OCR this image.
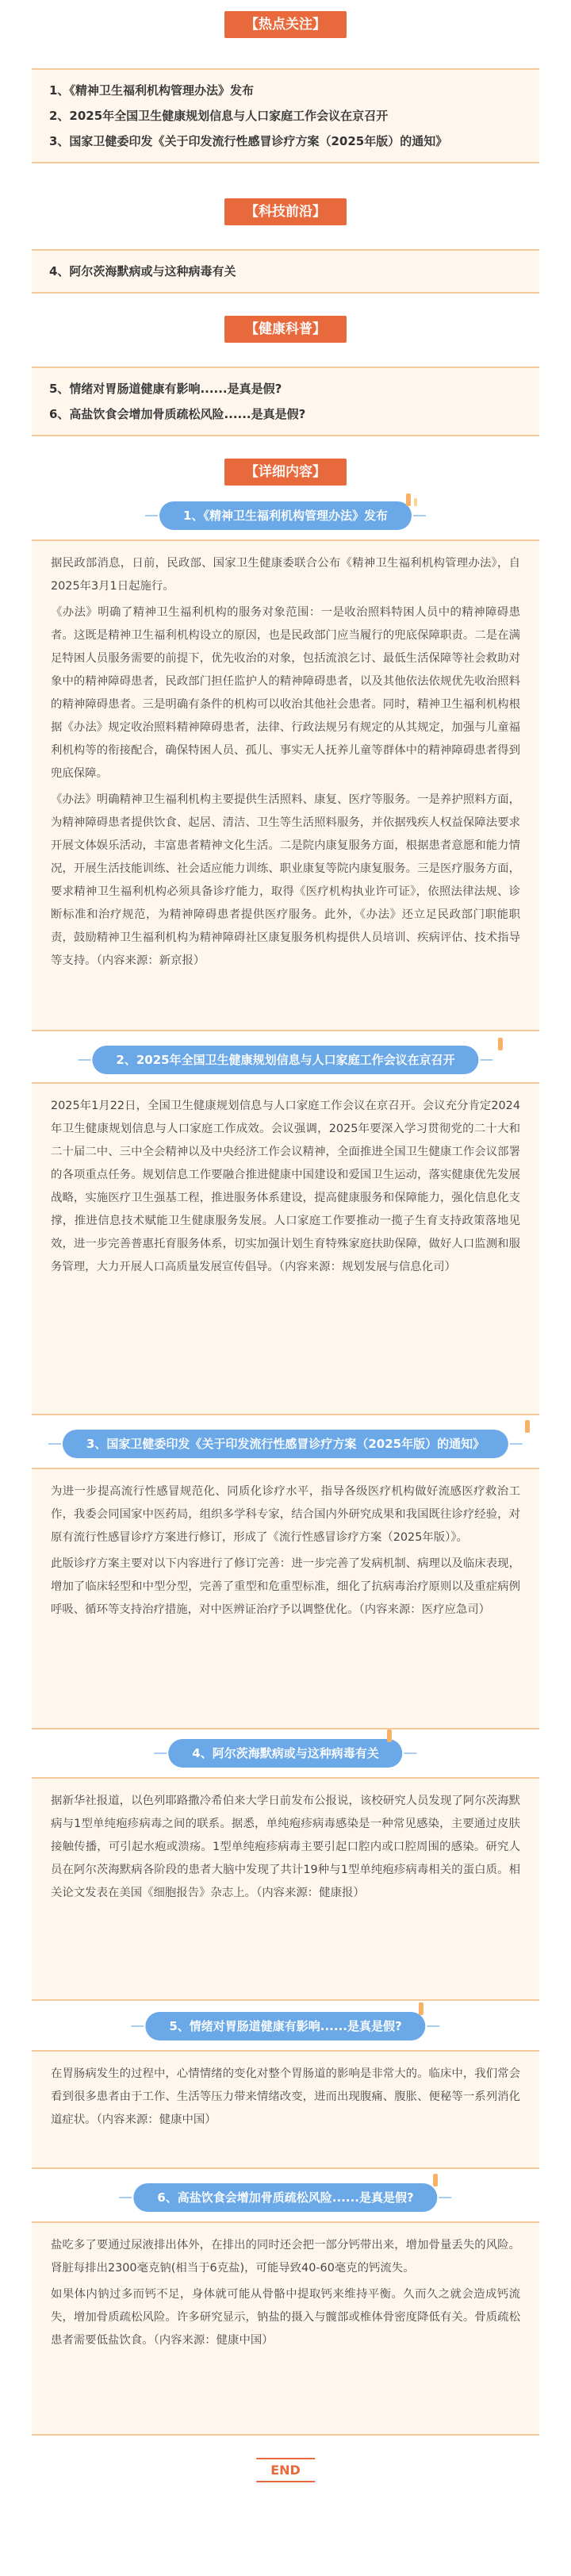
【热点关注】
1、《精神卫生福利机构管理办法》发布
2、2025年全国卫生健康规划信息与人口家庭工作会议在京召开
3、国家卫健委印发《关于印发流行性感冒诊疗方案（2025年版）的通知》
【科技前沿】
4、阿尔茨海默病或与这种病毒有关
【健康科普】
5、情绪对胃肠道健康有影响......是真是假?
6、高盐饮食会增加骨质疏松风险......是真是假?
【详细内容】
1、《精神卫生福利机构管理办法》发布

据民政部消息，日前，民政部、国家卫生健康委联合公布《精神卫生福利机构管理办法》，自2025年3月1日起施行。

《办法》明确了精神卫生福利机构的服务对象范围：一是收治照料特困人员中的精神障碍患者。这既是精神卫生福利机构设立的原因，也是民政部门应当履行的兜底保障职责。二是在满足特困人员服务需要的前提下，优先收治的对象，包括流浪乞讨、最低生活保障等社会救助对象中的精神障碍患者，民政部门担任监护人的精神障碍患者，以及其他依法依规优先收治照料的精神障碍患者。三是明确有条件的机构可以收治其他社会患者。同时，精神卫生福利机构根据《办法》规定收治照料精神障碍患者，法律、行政法规另有规定的从其规定，加强与儿童福利机构等的衔接配合，确保特困人员、孤儿、事实无人抚养儿童等群体中的精神障碍患者得到兜底保障。

《办法》明确精神卫生福利机构主要提供生活照料、康复、医疗等服务。一是养护照料方面，为精神障碍患者提供饮食、起居、清洁、卫生等生活照料服务，并依据残疾人权益保障法要求开展文体娱乐活动，丰富患者精神文化生活。二是院内康复服务方面，根据患者意愿和能力情况，开展生活技能训练、社会适应能力训练、职业康复等院内康复服务。三是医疗服务方面，要求精神卫生福利机构必须具备诊疗能力，取得《医疗机构执业许可证》，依照法律法规、诊断标准和治疗规范，为精神障碍患者提供医疗服务。此外，《办法》还立足民政部门职能职责，鼓励精神卫生福利机构为精神障碍社区康复服务机构提供人员培训、疾病评估、技术指导等支持。（内容来源：新京报）

2、2025年全国卫生健康规划信息与人口家庭工作会议在京召开

2025年1月22日，全国卫生健康规划信息与人口家庭工作会议在京召开。会议充分肯定2024年卫生健康规划信息与人口家庭工作成效。会议强调，2025年要深入学习贯彻党的二十大和二十届二中、三中全会精神以及中央经济工作会议精神，全面推进全国卫生健康工作会议部署的各项重点任务。规划信息工作要融合推进健康中国建设和爱国卫生运动，落实健康优先发展战略，实施医疗卫生强基工程，推进服务体系建设，提高健康服务和保障能力，强化信息化支撑，推进信息技术赋能卫生健康服务发展。人口家庭工作要推动一揽子生育支持政策落地见效，进一步完善普惠托育服务体系，切实加强计划生育特殊家庭扶助保障，做好人口监测和服务管理，大力开展人口高质量发展宣传倡导。（内容来源：规划发展与信息化司）

3、国家卫健委印发《关于印发流行性感冒诊疗方案（2025年版）的通知》

为进一步提高流行性感冒规范化、同质化诊疗水平，指导各级医疗机构做好流感医疗救治工作，我委会同国家中医药局，组织多学科专家，结合国内外研究成果和我国既往诊疗经验，对原有流行性感冒诊疗方案进行修订，形成了《流行性感冒诊疗方案（2025年版）》。

此版诊疗方案主要对以下内容进行了修订完善：进一步完善了发病机制、病理以及临床表现，增加了临床轻型和中型分型，完善了重型和危重型标准，细化了抗病毒治疗原则以及重症病例呼吸、循环等支持治疗措施，对中医辨证治疗予以调整优化。（内容来源：医疗应急司）

4、阿尔茨海默病或与这种病毒有关

据新华社报道，以色列耶路撒冷希伯来大学日前发布公报说，该校研究人员发现了阿尔茨海默病与1型单纯疱疹病毒之间的联系。据悉，单纯疱疹病毒感染是一种常见感染，主要通过皮肤接触传播，可引起水疱或溃疡。1型单纯疱疹病毒主要引起口腔内或口腔周围的感染。研究人员在阿尔茨海默病各阶段的患者大脑中发现了共计19种与1型单纯疱疹病毒相关的蛋白质。相关论文发表在美国《细胞报告》杂志上。（内容来源：健康报）

5、情绪对胃肠道健康有影响......是真是假?

在胃肠病发生的过程中，心情情绪的变化对整个胃肠道的影响是非常大的。临床中，我们常会看到很多患者由于工作、生活等压力带来情绪改变，进而出现腹痛、腹胀、便秘等一系列消化道症状。（内容来源：健康中国）

6、高盐饮食会增加骨质疏松风险......是真是假?

盐吃多了要通过尿液排出体外，在排出的同时还会把一部分钙带出来，增加骨量丢失的风险。肾脏每排出2300毫克钠(相当于6克盐)，可能导致40-60毫克的钙流失。

如果体内钠过多而钙不足，身体就可能从骨骼中提取钙来维持平衡。久而久之就会造成钙流失，增加骨质疏松风险。许多研究显示，钠盐的摄入与髋部或椎体骨密度降低有关。骨质疏松患者需要低盐饮食。（内容来源：健康中国）

END
